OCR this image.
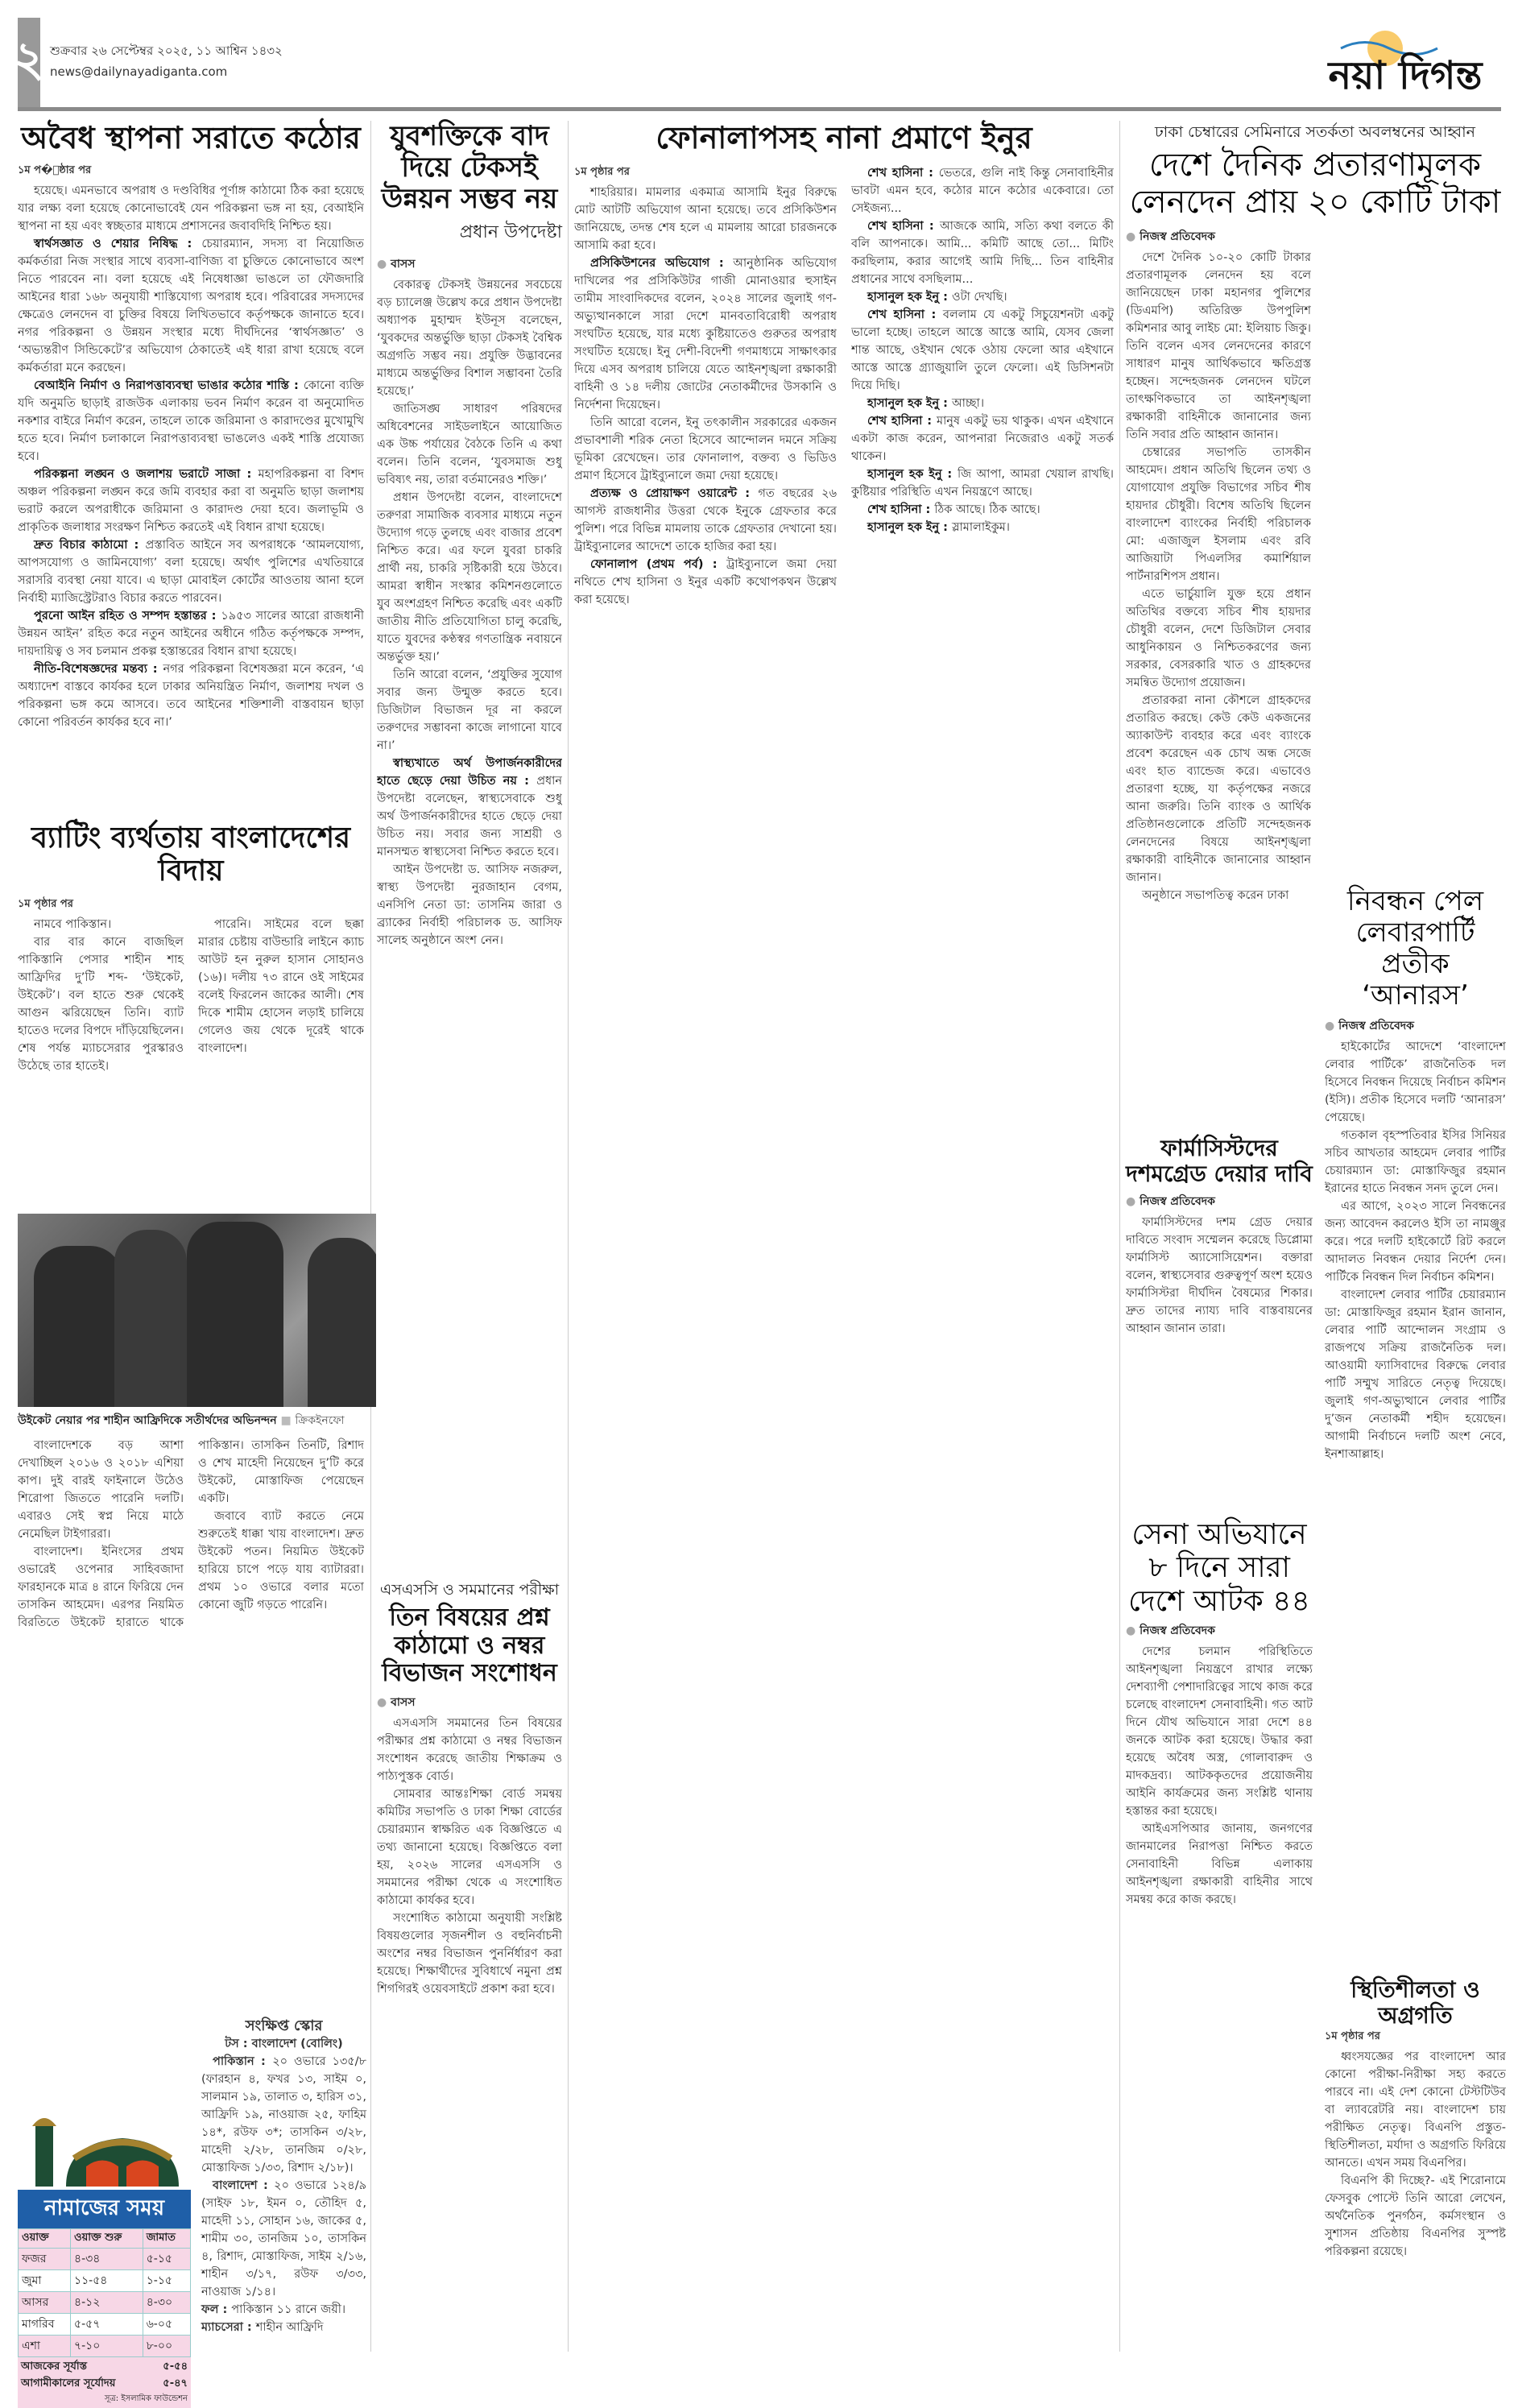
২ শুক্রবার ২৬ সেপ্টেম্বর ২০২৫, ১১ আশ্বিন ১৪৩২
news@dailynayadiganta.com	নয়া দিগন্ত
অবৈধ স্থাপনা সরাতে কঠোর
১ম প�ৃষ্ঠার পর

হয়েছে। এমনভাবে অপরাধ ও দণ্ডবিধির পূর্ণাঙ্গ কাঠামো ঠিক করা হয়েছে যার লক্ষ্য বলা হয়েছে কোনোভাবেই যেন পরিকল্পনা ভঙ্গ না হয়, বেআইনি স্থাপনা না হয় এবং স্বচ্ছতার মাধ্যমে প্রশাসনের জবাবদিহি নিশ্চিত হয়।

স্বার্থসজ্ঞাত ও শেয়ার নিষিদ্ধ : চেয়ারম্যান, সদস্য বা নিয়োজিত কর্মকর্তারা নিজ সংস্থার সাথে ব্যবসা-বাণিজ্য বা চুক্তিতে কোনোভাবে অংশ নিতে পারবেন না। বলা হয়েছে এই নিষেধাজ্ঞা ভাঙলে তা ফৌজদারি আইনের ধারা ১৬৮ অনুযায়ী শাস্তিযোগ্য অপরাধ হবে। পরিবারের সদস্যদের ক্ষেত্রেও লেনদেন বা চুক্তির বিষয়ে লিখিতভাবে কর্তৃপক্ষকে জানাতে হবে। নগর পরিকল্পনা ও উন্নয়ন সংস্থার মধ্যে দীর্ঘদিনের ‘স্বার্থসজ্ঞাত’ ও ‘অভ্যন্তরীণ সিন্ডিকেটে’র অভিযোগ ঠেকাতেই এই ধারা রাখা হয়েছে বলে কর্মকর্তারা মনে করছেন।

বেআইনি নির্মাণ ও নিরাপত্তাব্যবস্থা ভাঙার কঠোর শাস্তি : কোনো ব্যক্তি যদি অনুমতি ছাড়াই রাজউক এলাকায় ভবন নির্মাণ করেন বা অনুমোদিত নকশার বাইরে নির্মাণ করেন, তাহলে তাকে জরিমানা ও কারাদণ্ডের মুখোমুখি হতে হবে। নির্মাণ চলাকালে নিরাপত্তাব্যবস্থা ভাঙলেও একই শাস্তি প্রযোজ্য হবে।

পরিকল্পনা লঙ্ঘন ও জলাশয় ভরাটে সাজা : মহাপরিকল্পনা বা বিশদ অঞ্চল পরিকল্পনা লঙ্ঘন করে জমি ব্যবহার করা বা অনুমতি ছাড়া জলাশয় ভরাট করলে অপরাধীকে জরিমানা ও কারাদণ্ড দেয়া হবে। জলাভূমি ও প্রাকৃতিক জলাধার সংরক্ষণ নিশ্চিত করতেই এই বিধান রাখা হয়েছে।

দ্রুত বিচার কাঠামো : প্রস্তাবিত আইনে সব অপরাধকে ‘আমলযোগ্য, আপসযোগ্য ও জামিনযোগ্য’ বলা হয়েছে। অর্থাৎ পুলিশের এখতিয়ারে সরাসরি ব্যবস্থা নেয়া যাবে। এ ছাড়া মোবাইল কোর্টের আওতায় আনা হলে নির্বাহী ম্যাজিস্ট্রেটরাও বিচার করতে পারবেন।

পুরনো আইন রহিত ও সম্পদ হস্তান্তর : ১৯৫৩ সালের আরো রাজধানী উন্নয়ন আইন’ রহিত করে নতুন আইনের অধীনে গঠিত কর্তৃপক্ষকে সম্পদ, দায়দায়িত্ব ও সব চলমান প্রকল্প হস্তান্তরের বিধান রাখা হয়েছে।

নীতি-বিশেষজ্ঞদের মন্তব্য : নগর পরিকল্পনা বিশেষজ্ঞরা মনে করেন, ‘এ অধ্যাদেশ বাস্তবে কার্যকর হলে ঢাকার অনিয়ন্ত্রিত নির্মাণ, জলাশয় দখল ও পরিকল্পনা ভঙ্গ কমে আসবে। তবে আইনের শক্তিশালী বাস্তবায়ন ছাড়া কোনো পরিবর্তন কার্যকর হবে না।’

ব্যাটিং ব্যর্থতায় বাংলাদেশের বিদায়
১ম পৃষ্ঠার পর

নামবে পাকিস্তান।

বার বার কানে বাজছিল পাকিস্তানি পেসার শাহীন শাহ আফ্রিদির দু’টি শব্দ- ‘উইকেট, উইকেট’। বল হাতে শুরু থেকেই আগুন ঝরিয়েছেন তিনি। ব্যাট হাতেও দলের বিপদে দাঁড়িয়েছিলেন। শেষ পর্যন্ত ম্যাচসেরার পুরস্কারও উঠেছে তার হাতেই।

পারেনি। সাইমের বলে ছক্কা মারার চেষ্টায় বাউন্ডারি লাইনে ক্যাচ আউট হন নুরুল হাসান সোহানও (১৬)। দলীয় ৭৩ রানে ওই সাইমের বলেই ফিরলেন জাকের আলী। শেষ দিকে শামীম হোসেন লড়াই চালিয়ে গেলেও জয় থেকে দূরেই থাকে বাংলাদেশ।

উইকেট নেয়ার পর শাহীন আফ্রিদিকে সতীর্থদের অভিনন্দন ■ ক্রিকইনফো

বাংলাদেশকে বড় আশা দেখাচ্ছিল ২০১৬ ও ২০১৮ এশিয়া কাপ। দুই বারই ফাইনালে উঠেও শিরোপা জিততে পারেনি দলটি। এবারও সেই স্বপ্ন নিয়ে মাঠে নেমেছিল টাইগাররা।

বাংলাদেশ। ইনিংসের প্রথম ওভারেই ওপেনার সাহিবজাদা ফারহানকে মাত্র ৪ রানে ফিরিয়ে দেন তাসকিন আহমেদ। এরপর নিয়মিত বিরতিতে উইকেট হারাতে থাকে পাকিস্তান। তাসকিন তিনটি, রিশাদ ও শেখ মাহেদী নিয়েছেন দু’টি করে উইকেট, মোস্তাফিজ পেয়েছেন একটি।

জবাবে ব্যাট করতে নেমে শুরুতেই ধাক্কা খায় বাংলাদেশ। দ্রুত উইকেট পতন। নিয়মিত উইকেট হারিয়ে চাপে পড়ে যায় ব্যাটাররা। প্রথম ১০ ওভারে বলার মতো কোনো জুটি গড়তে পারেনি।

নামাজের সময়
ওয়াক্ত	ওয়াক্ত শুরু	জামাত
ফজর	৪-৩৪	৫-১৫
জুমা	১১-৫৪	১-১৫
আসর	৪-১২	৪-৩০
মাগরিব	৫-৫৭	৬-০৫
এশা	৭-১০	৮-০০
আজকের সূর্যাস্ত	৫-৫৪
আগামীকালের সূর্যোদয়	৫-৪৭
সূত্র: ইসলামিক ফাউন্ডেশন
সংক্ষিপ্ত স্কোর
টস : বাংলাদেশ (বোলিং)

পাকিস্তান : ২০ ওভারে ১৩৫/৮ (ফারহান ৪, ফখর ১৩, সাইম ০, সালমান ১৯, তালাত ৩, হারিস ৩১, আফ্রিদি ১৯, নাওয়াজ ২৫, ফাহিম ১৪*, রউফ ৩*; তাসকিন ৩/২৮, মাহেদী ২/২৮, তানজিম ০/২৮, মোস্তাফিজ ১/৩৩, রিশাদ ২/১৮)।

বাংলাদেশ : ২০ ওভারে ১২৪/৯ (সাইফ ১৮, ইমন ০, তৌহিদ ৫, মাহেদী ১১, সোহান ১৬, জাকের ৫, শামীম ৩০, তানজিম ১০, তাসকিন ৪, রিশাদ, মোস্তাফিজ, সাইম ২/১৬, শাহীন ৩/১৭, রউফ ৩/৩৩, নাওয়াজ ১/১৪।

ফল : পাকিস্তান ১১ রানে জয়ী।

ম্যাচসেরা : শাহীন আফ্রিদি

যুবশক্তিকে বাদ দিয়ে টেকসই উন্নয়ন সম্ভব নয়
প্রধান উপদেষ্টা
● বাসস

বেকারত্ব টেকসই উন্নয়নের সবচেয়ে বড় চ্যালেঞ্জ উল্লেখ করে প্রধান উপদেষ্টা অধ্যাপক মুহাম্মদ ইউনূস বলেছেন, ‘যুবকদের অন্তর্ভুক্তি ছাড়া টেকসই বৈশ্বিক অগ্রগতি সম্ভব নয়। প্রযুক্তি উদ্ভাবনের মাধ্যমে অন্তর্ভুক্তির বিশাল সম্ভাবনা তৈরি হয়েছে।’

জাতিসঙ্ঘ সাধারণ পরিষদের অধিবেশনের সাইডলাইনে আয়োজিত এক উচ্চ পর্যায়ের বৈঠকে তিনি এ কথা বলেন। তিনি বলেন, ‘যুবসমাজ শুধু ভবিষ্যৎ নয়, তারা বর্তমানেরও শক্তি।’

প্রধান উপদেষ্টা বলেন, বাংলাদেশে তরুণরা সামাজিক ব্যবসার মাধ্যমে নতুন উদ্যোগ গড়ে তুলছে এবং বাজার প্রবেশ নিশ্চিত করে। এর ফলে যুবরা চাকরি প্রার্থী নয়, চাকরি সৃষ্টিকারী হয়ে উঠবে। আমরা স্বাধীন সংস্কার কমিশনগুলোতে যুব অংশগ্রহণ নিশ্চিত করেছি এবং একটি জাতীয় নীতি প্রতিযোগিতা চালু করেছি, যাতে যুবদের কণ্ঠস্বর গণতান্ত্রিক নবায়নে অন্তর্ভুক্ত হয়।’

তিনি আরো বলেন, ‘প্রযুক্তির সুযোগ সবার জন্য উন্মুক্ত করতে হবে। ডিজিটাল বিভাজন দূর না করলে তরুণদের সম্ভাবনা কাজে লাগানো যাবে না।’

স্বাস্থ্যখাতে অর্থ উপার্জনকারীদের হাতে ছেড়ে দেয়া উচিত নয় : প্রধান উপদেষ্টা বলেছেন, স্বাস্থ্যসেবাকে শুধু অর্থ উপার্জনকারীদের হাতে ছেড়ে দেয়া উচিত নয়। সবার জন্য সাশ্রয়ী ও মানসম্মত স্বাস্থ্যসেবা নিশ্চিত করতে হবে।

আইন উপদেষ্টা ড. আসিফ নজরুল, স্বাস্থ্য উপদেষ্টা নুরজাহান বেগম, এনসিপি নেতা ডা: তাসনিম জারা ও ব্র্যাকের নির্বাহী পরিচালক ড. আসিফ সালেহ অনুষ্ঠানে অংশ নেন।

এসএসসি ও সমমানের পরীক্ষা
তিন বিষয়ের প্রশ্ন কাঠামো ও নম্বর বিভাজন সংশোধন
● বাসস

এসএসসি সমমানের তিন বিষয়ের পরীক্ষার প্রশ্ন কাঠামো ও নম্বর বিভাজন সংশোধন করেছে জাতীয় শিক্ষাক্রম ও পাঠ্যপুস্তক বোর্ড।

সোমবার আন্তঃশিক্ষা বোর্ড সমন্বয় কমিটির সভাপতি ও ঢাকা শিক্ষা বোর্ডের চেয়ারম্যান স্বাক্ষরিত এক বিজ্ঞপ্তিতে এ তথ্য জানানো হয়েছে। বিজ্ঞপ্তিতে বলা হয়, ২০২৬ সালের এসএসসি ও সমমানের পরীক্ষা থেকে এ সংশোধিত কাঠামো কার্যকর হবে।

সংশোধিত কাঠামো অনুযায়ী সংশ্লিষ্ট বিষয়গুলোর সৃজনশীল ও বহুনির্বাচনী অংশের নম্বর বিভাজন পুনর্নির্ধারণ করা হয়েছে। শিক্ষার্থীদের সুবিধার্থে নমুনা প্রশ্ন শিগগিরই ওয়েবসাইটে প্রকাশ করা হবে।

ফোনালাপসহ নানা প্রমাণে ইনুর
১ম পৃষ্ঠার পর

শাহরিয়ার। মামলার একমাত্র আসামি ইনুর বিরুদ্ধে মোট আটটি অভিযোগ আনা হয়েছে। তবে প্রসিকিউশন জানিয়েছে, তদন্ত শেষ হলে এ মামলায় আরো চারজনকে আসামি করা হবে।

প্রসিকিউশনের অভিযোগ : আনুষ্ঠানিক অভিযোগ দাখিলের পর প্রসিকিউটর গাজী মোনাওয়ার হুসাইন তামীম সাংবাদিকদের বলেন, ২০২৪ সালের জুলাই গণ-অভ্যুত্থানকালে সারা দেশে মানবতাবিরোধী অপরাধ সংঘটিত হয়েছে, যার মধ্যে কুষ্টিয়াতেও গুরুতর অপরাধ সংঘটিত হয়েছে। ইনু দেশী-বিদেশী গণমাধ্যমে সাক্ষাৎকার দিয়ে এসব অপরাধ চালিয়ে যেতে আইনশৃঙ্খলা রক্ষাকারী বাহিনী ও ১৪ দলীয় জোটের নেতাকর্মীদের উসকানি ও নির্দেশনা দিয়েছেন।

তিনি আরো বলেন, ইনু তৎকালীন সরকারের একজন প্রভাবশালী শরিক নেতা হিসেবে আন্দোলন দমনে সক্রিয় ভূমিকা রেখেছেন। তার ফোনালাপ, বক্তব্য ও ভিডিও প্রমাণ হিসেবে ট্রাইব্যুনালে জমা দেয়া হয়েছে।

প্রত্যক্ষ ও প্রোয়াক্ষণ ওয়ারেন্ট : গত বছরের ২৬ আগস্ট রাজধানীর উত্তরা থেকে ইনুকে গ্রেফতার করে পুলিশ। পরে বিভিন্ন মামলায় তাকে গ্রেফতার দেখানো হয়। ট্রাইব্যুনালের আদেশে তাকে হাজির করা হয়।

ফোনালাপ (প্রথম পর্ব) : ট্রাইব্যুনালে জমা দেয়া নথিতে শেখ হাসিনা ও ইনুর একটি কথোপকথন উল্লেখ করা হয়েছে।

শেখ হাসিনা : ভেতরে, গুলি নাই কিন্তু সেনাবাহিনীর ভাবটা এমন হবে, কঠোর মানে কঠোর একেবারে। তো সেইজন্য...

শেখ হাসিনা : আজকে আমি, সত্যি কথা বলতে কী বলি আপনাকে। আমি... কমিটি আছে তো... মিটিং করছিলাম, করার আগেই আমি দিছি... তিন বাহিনীর প্রধানের সাথে বসছিলাম...

হাসানুল হক ইনু : ওটা দেখছি।

শেখ হাসিনা : বললাম যে একটু সিচুয়েশনটা একটু ভালো হচ্ছে। তাহলে আস্তে আস্তে আমি, যেসব জেলা শান্ত আছে, ওইখান থেকে ওঠায় ফেলো আর এইখানে আস্তে আস্তে গ্র্যাজুয়ালি তুলে ফেলো। এই ডিসিশনটা দিয়ে দিছি।

হাসানুল হক ইনু : আচ্ছা।

শেখ হাসিনা : মানুষ একটু ভয় থাকুক। এখন এইখানে একটা কাজ করেন, আপনারা নিজেরাও একটু সতর্ক থাকেন।

হাসানুল হক ইনু : জি আপা, আমরা খেয়াল রাখছি। কুষ্টিয়ার পরিস্থিতি এখন নিয়ন্ত্রণে আছে।

শেখ হাসিনা : ঠিক আছে। ঠিক আছে।

হাসানুল হক ইনু : স্লামালাইকুম।

ঢাকা চেম্বারের সেমিনারে সতর্কতা অবলম্বনের আহ্বান
দেশে দৈনিক প্রতারণামূলক লেনদেন প্রায় ২০ কোটি টাকা
● নিজস্ব প্রতিবেদক

দেশে দৈনিক ১০-২০ কোটি টাকার প্রতারণামূলক লেনদেন হয় বলে জানিয়েছেন ঢাকা মহানগর পুলিশের (ডিএমপি) অতিরিক্ত উপপুলিশ কমিশনার আবু লাইচ মো: ইলিয়াচ জিকু। তিনি বলেন এসব লেনদেনের কারণে সাধারণ মানুষ আর্থিকভাবে ক্ষতিগ্রস্ত হচ্ছেন। সন্দেহজনক লেনদেন ঘটলে তাৎক্ষণিকভাবে তা আইনশৃঙ্খলা রক্ষাকারী বাহিনীকে জানানোর জন্য তিনি সবার প্রতি আহ্বান জানান।

চেম্বারের সভাপতি তাসকীন আহমেদ। প্রধান অতিথি ছিলেন তথ্য ও যোগাযোগ প্রযুক্তি বিভাগের সচিব শীষ হায়দার চৌধুরী। বিশেষ অতিথি ছিলেন বাংলাদেশ ব্যাংকের নির্বাহী পরিচালক মো: এজাজুল ইসলাম এবং রবি আজিয়াটা পিএলসির কমার্শিয়াল পার্টনারশিপস প্রধান।

এতে ভার্চুয়ালি যুক্ত হয়ে প্রধান অতিথির বক্তব্যে সচিব শীষ হায়দার চৌধুরী বলেন, দেশে ডিজিটাল সেবার আধুনিকায়ন ও নিশ্চিতকরণের জন্য সরকার, বেসরকারি খাত ও গ্রাহকদের সমন্বিত উদ্যোগ প্রয়োজন।

প্রতারকরা নানা কৌশলে গ্রাহকদের প্রতারিত করছে। কেউ কেউ একজনের অ্যাকাউন্ট ব্যবহার করে এবং ব্যাংকে প্রবেশ করেছেন এক চোখ অন্ধ সেজে এবং হাত ব্যান্ডেজ করে। এভাবেও প্রতারণা হচ্ছে, যা কর্তৃপক্ষের নজরে আনা জরুরি। তিনি ব্যাংক ও আর্থিক প্রতিষ্ঠানগুলোকে প্রতিটি সন্দেহজনক লেনদেনের বিষয়ে আইনশৃঙ্খলা রক্ষাকারী বাহিনীকে জানানোর আহ্বান জানান।

অনুষ্ঠানে সভাপতিত্ব করেন ঢাকা	নিবন্ধন পেল লেবারপার্টি প্রতীক ‘আনারস’
● নিজস্ব প্রতিবেদক

হাইকোর্টের আদেশে ‘বাংলাদেশ লেবার পার্টিকে’ রাজনৈতিক দল হিসেবে নিবন্ধন দিয়েছে নির্বাচন কমিশন (ইসি)। প্রতীক হিসেবে দলটি ‘আনারস’ পেয়েছে।

গতকাল বৃহস্পতিবার ইসির সিনিয়র সচিব আখতার আহমেদ লেবার পার্টির চেয়ারম্যান ডা: মোস্তাফিজুর রহমান ইরানের হাতে নিবন্ধন সনদ তুলে দেন।

এর আগে, ২০২৩ সালে নিবন্ধনের জন্য আবেদন করলেও ইসি তা নামঞ্জুর করে। পরে দলটি হাইকোর্টে রিট করলে আদালত নিবন্ধন দেয়ার নির্দেশ দেন। পার্টিকে নিবন্ধন দিল নির্বাচন কমিশন।

বাংলাদেশ লেবার পার্টির চেয়ারম্যান ডা: মোস্তাফিজুর রহমান ইরান জানান, লেবার পার্টি আন্দোলন সংগ্রাম ও রাজপথে সক্রিয় রাজনৈতিক দল। আওয়ামী ফ্যাসিবাদের বিরুদ্ধে লেবার পার্টি সম্মুখ সারিতে নেতৃত্ব দিয়েছে। জুলাই গণ-অভ্যুত্থানে লেবার পার্টির দু’জন নেতাকর্মী শহীদ হয়েছেন। আগামী নির্বাচনে দলটি অংশ নেবে, ইনশাআল্লাহ।

ফার্মাসিস্টদের দশমগ্রেড দেয়ার দাবি
● নিজস্ব প্রতিবেদক

ফার্মাসিস্টদের দশম গ্রেড দেয়ার দাবিতে সংবাদ সম্মেলন করেছে ডিপ্লোমা ফার্মাসিস্ট অ্যাসোসিয়েশন। বক্তারা বলেন, স্বাস্থ্যসেবার গুরুত্বপূর্ণ অংশ হয়েও ফার্মাসিস্টরা দীর্ঘদিন বৈষম্যের শিকার। দ্রুত তাদের ন্যায্য দাবি বাস্তবায়নের আহ্বান জানান তারা।

সেনা অভিযানে ৮ দিনে সারা দেশে আটক ৪৪
● নিজস্ব প্রতিবেদক

দেশের চলমান পরিস্থিতিতে আইনশৃঙ্খলা নিয়ন্ত্রণে রাখার লক্ষ্যে দেশব্যাপী পেশাদারিত্বের সাথে কাজ করে চলেছে বাংলাদেশ সেনাবাহিনী। গত আট দিনে যৌথ অভিযানে সারা দেশে ৪৪ জনকে আটক করা হয়েছে। উদ্ধার করা হয়েছে অবৈধ অস্ত্র, গোলাবারুদ ও মাদকদ্রব্য। আটককৃতদের প্রয়োজনীয় আইনি কার্যক্রমের জন্য সংশ্লিষ্ট থানায় হস্তান্তর করা হয়েছে।

আইএসপিআর জানায়, জনগণের জানমালের নিরাপত্তা নিশ্চিত করতে সেনাবাহিনী বিভিন্ন এলাকায় আইনশৃঙ্খলা রক্ষাকারী বাহিনীর সাথে সমন্বয় করে কাজ করছে।

স্থিতিশীলতা ও অগ্রগতি
১ম পৃষ্ঠার পর

ধ্বংসযজ্ঞের পর বাংলাদেশ আর কোনো পরীক্ষা-নিরীক্ষা সহ্য করতে পারবে না। এই দেশ কোনো টেস্টটিউব বা ল্যাবরেটরি নয়। বাংলাদেশ চায় পরীক্ষিত নেতৃত্ব। বিএনপি প্রস্তুত- স্থিতিশীলতা, মর্যাদা ও অগ্রগতি ফিরিয়ে আনতে। এখন সময় বিএনপির।

বিএনপি কী দিচ্ছে?- এই শিরোনামে ফেসবুক পোস্টে তিনি আরো লেখেন, অর্থনৈতিক পুনর্গঠন, কর্মসংস্থান ও সুশাসন প্রতিষ্ঠায় বিএনপির সুস্পষ্ট পরিকল্পনা রয়েছে।
